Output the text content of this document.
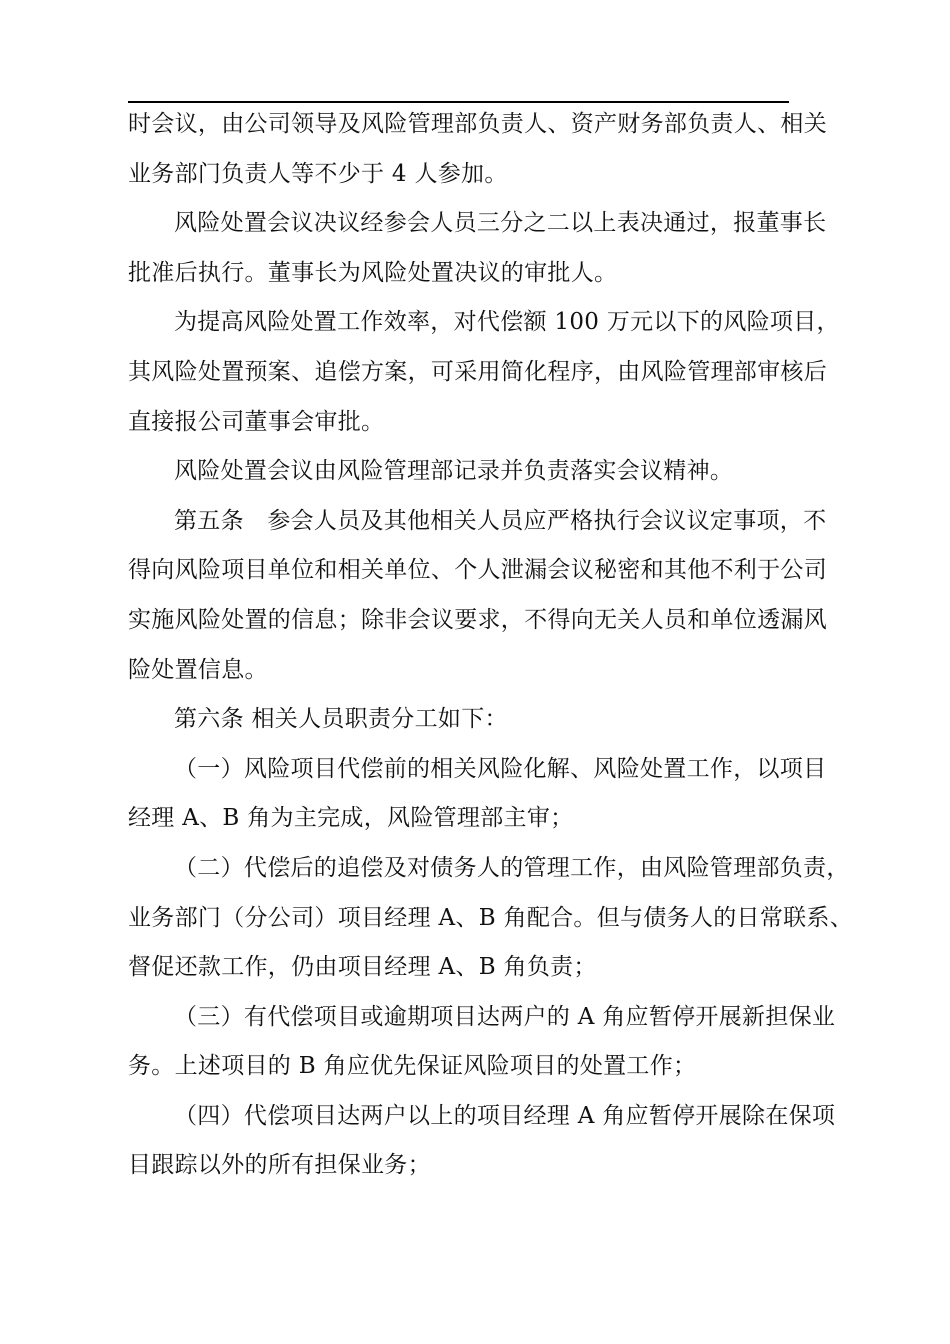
时会议，由公司领导及风险管理部负责人、资产财务部负责人、相关
业务部门负责人等不少于 4 人参加。
风险处置会议决议经参会人员三分之二以上表决通过，报董事长
批准后执行。董事长为风险处置决议的审批人。
为提高风险处置工作效率，对代偿额 100 万元以下的风险项目，
其风险处置预案、追偿方案，可采用简化程序，由风险管理部审核后
直接报公司董事会审批。
风险处置会议由风险管理部记录并负责落实会议精神。
第五条　参会人员及其他相关人员应严格执行会议议定事项，不
得向风险项目单位和相关单位、个人泄漏会议秘密和其他不利于公司
实施风险处置的信息；除非会议要求，不得向无关人员和单位透漏风
险处置信息。
第六条 相关人员职责分工如下：
（一）风险项目代偿前的相关风险化解、风险处置工作，以项目
经理 A、B 角为主完成，风险管理部主审；
（二）代偿后的追偿及对债务人的管理工作，由风险管理部负责，
业务部门（分公司）项目经理 A、B 角配合。但与债务人的日常联系、
督促还款工作，仍由项目经理 A、B 角负责；
（三）有代偿项目或逾期项目达两户的 A 角应暂停开展新担保业
务。上述项目的 B 角应优先保证风险项目的处置工作；
（四）代偿项目达两户以上的项目经理 A 角应暂停开展除在保项
目跟踪以外的所有担保业务；
